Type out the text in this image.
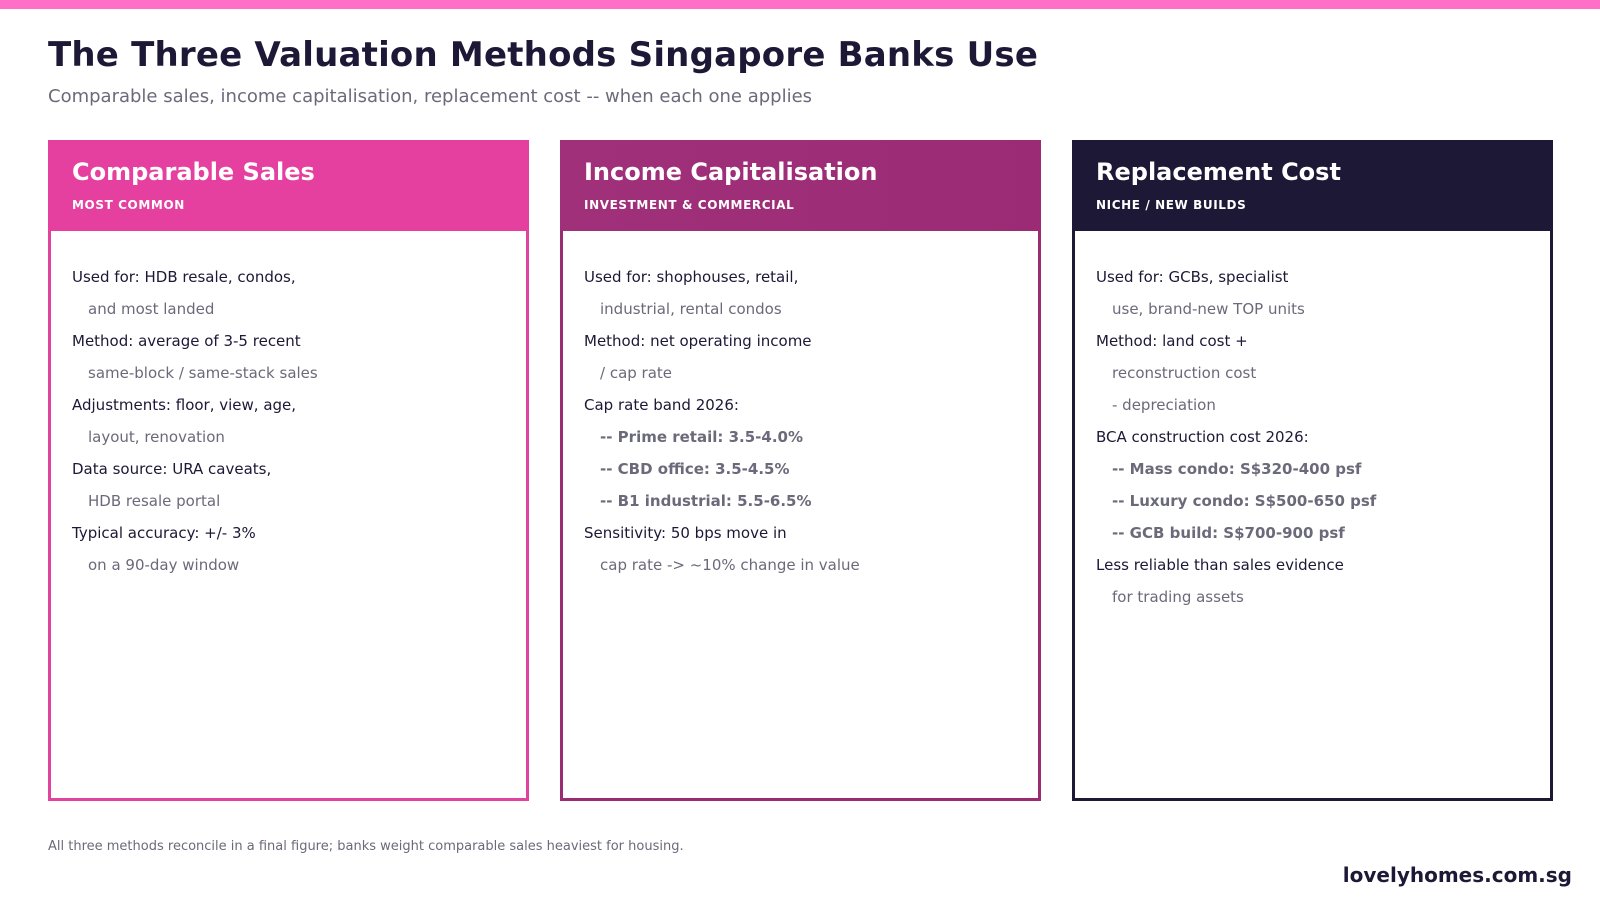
The Three Valuation Methods Singapore Banks Use
Comparable sales, income capitalisation, replacement cost -- when each one applies
Comparable Sales
MOST COMMON
Used for: HDB resale, condos,
and most landed
Method: average of 3-5 recent
same-block / same-stack sales
Adjustments: floor, view, age,
layout, renovation
Data source: URA caveats,
HDB resale portal
Typical accuracy: +/- 3%
on a 90-day window
Income Capitalisation
INVESTMENT & COMMERCIAL
Used for: shophouses, retail,
industrial, rental condos
Method: net operating income
/ cap rate
Cap rate band 2026:
-- Prime retail: 3.5-4.0%
-- CBD office: 3.5-4.5%
-- B1 industrial: 5.5-6.5%
Sensitivity: 50 bps move in
cap rate -> ~10% change in value
Replacement Cost
NICHE / NEW BUILDS
Used for: GCBs, specialist
use, brand-new TOP units
Method: land cost +
reconstruction cost
- depreciation
BCA construction cost 2026:
-- Mass condo: S$320-400 psf
-- Luxury condo: S$500-650 psf
-- GCB build: S$700-900 psf
Less reliable than sales evidence
for trading assets
All three methods reconcile in a final figure; banks weight comparable sales heaviest for housing.
lovelyhomes.com.sg
